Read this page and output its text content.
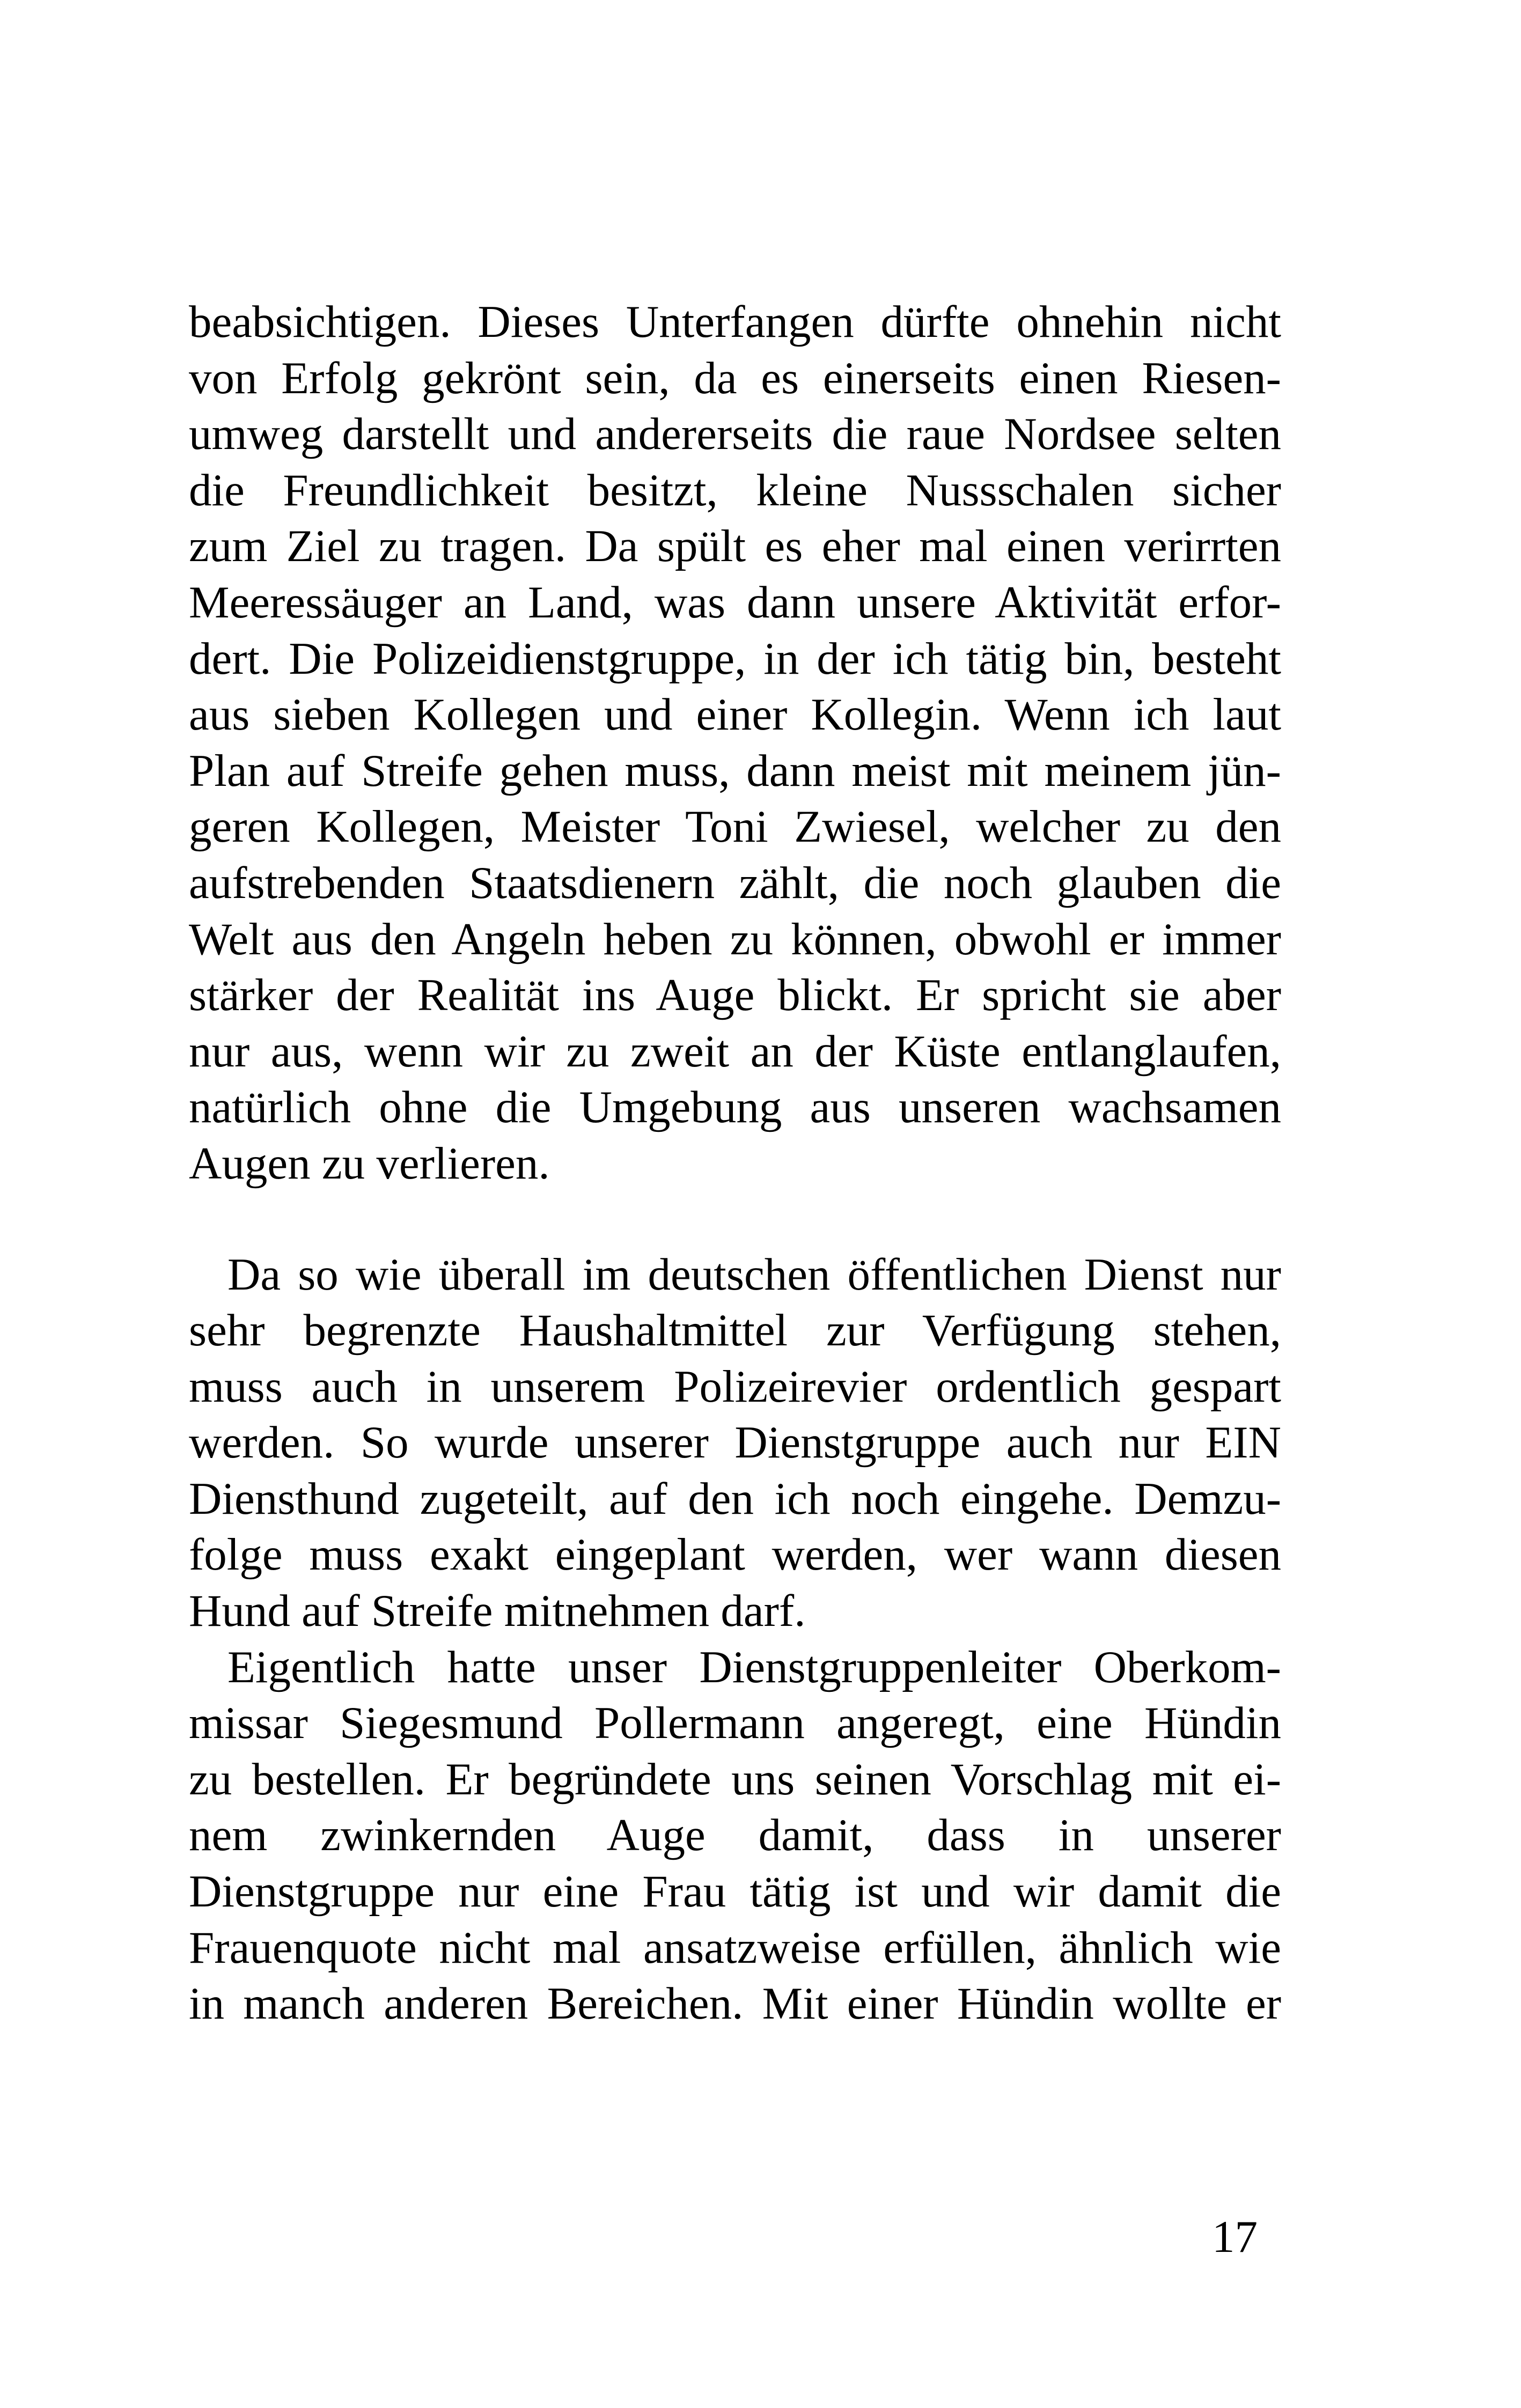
beabsichtigen. Dieses Unterfangen dürfte ohnehin nicht
von Erfolg gekrönt sein, da es einerseits einen Riesen-
umweg darstellt und andererseits die raue Nordsee selten
die Freundlichkeit besitzt, kleine Nussschalen sicher
zum Ziel zu tragen. Da spült es eher mal einen verirrten
Meeressäuger an Land, was dann unsere Aktivität erfor-
dert. Die Polizeidienstgruppe, in der ich tätig bin, besteht
aus sieben Kollegen und einer Kollegin. Wenn ich laut
Plan auf Streife gehen muss, dann meist mit meinem jün-
geren Kollegen, Meister Toni Zwiesel, welcher zu den
aufstrebenden Staatsdienern zählt, die noch glauben die
Welt aus den Angeln heben zu können, obwohl er immer
stärker der Realität ins Auge blickt. Er spricht sie aber
nur aus, wenn wir zu zweit an der Küste entlanglaufen,
natürlich ohne die Umgebung aus unseren wachsamen
Augen zu verlieren.
Da so wie überall im deutschen öffentlichen Dienst nur
sehr begrenzte Haushaltmittel zur Verfügung stehen,
muss auch in unserem Polizeirevier ordentlich gespart
werden. So wurde unserer Dienstgruppe auch nur EIN
Diensthund zugeteilt, auf den ich noch eingehe. Demzu-
folge muss exakt eingeplant werden, wer wann diesen
Hund auf Streife mitnehmen darf.
Eigentlich hatte unser Dienstgruppenleiter Oberkom-
missar Siegesmund Pollermann angeregt, eine Hündin
zu bestellen. Er begründete uns seinen Vorschlag mit ei-
nem zwinkernden Auge damit, dass in unserer
Dienstgruppe nur eine Frau tätig ist und wir damit die
Frauenquote nicht mal ansatzweise erfüllen, ähnlich wie
in manch anderen Bereichen. Mit einer Hündin wollte er
17
